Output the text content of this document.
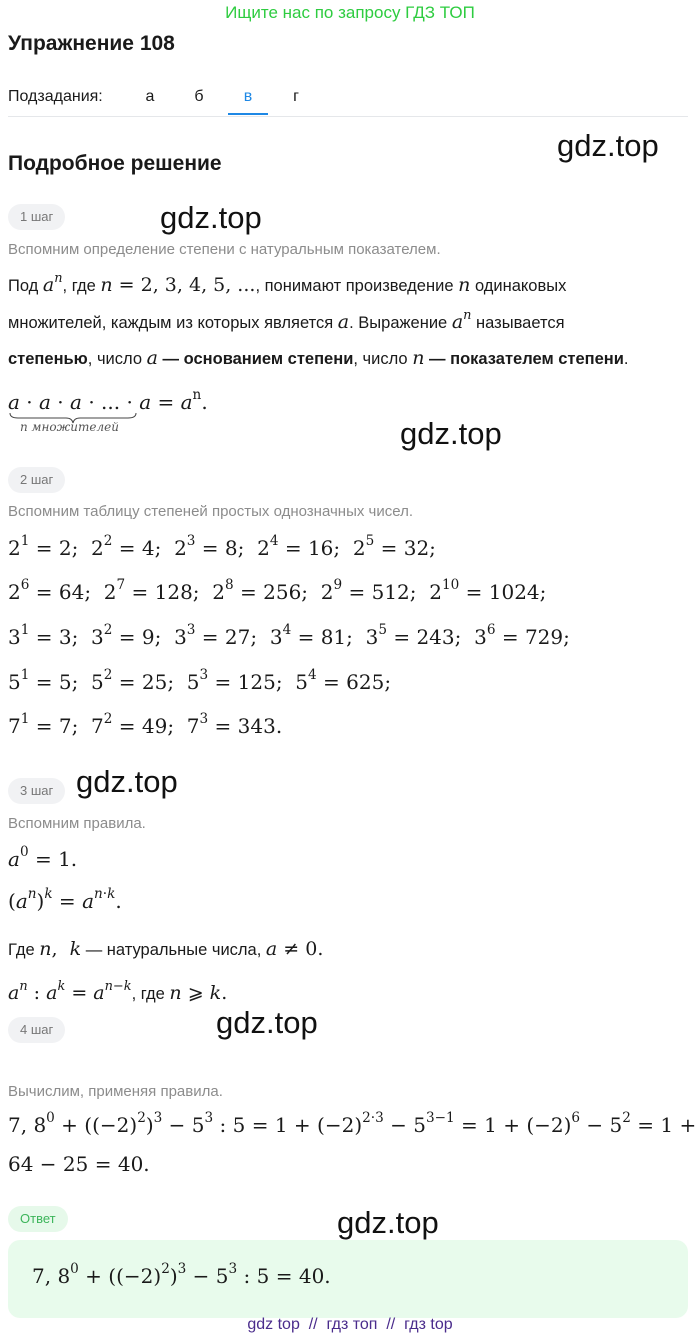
Ищите нас по запросу ГДЗ ТОП
Упражнение 108
Подзадания:	а	б	в	г
Подробное решение
gdz.top
gdz.top
gdz.top
gdz.top
gdz.top
gdz.top
1 шаг
Вспомним определение степени с натуральным показателем.
Под $a^n$, где n = 2, 3, 4, 5, ..., понимают произведение n одинаковых
множителей, каждым из которых является a. Выражение $a^n$ называется
степенью, число a — основанием степени, число n — показателем степени.
a · a · a · ... · $a = a^n$.
n множителей
2 шаг
Вспомним таблицу степеней простых однозначных чисел.
$2^1 = 2$;  $2^2 = 4$;  $2^3 = 8$;  $2^4 = 16$;  $2^5 = 32$;
$2^6 = 64$;  $2^7 = 128$;  $2^8 = 256$;  $2^9 = 512$;  $2^{10} = 1024$;
$3^1 = 3$;  $3^2 = 9$;  $3^3 = 27$;  $3^4 = 81$;  $3^5 = 243$;  $3^6 = 729$;
$5^1 = 5$;  $5^2 = 25$;  $5^3 = 125$;  $5^4 = 625$;
$7^1 = 7$;  $7^2 = 49$;  $7^3 = 343$.
3 шаг
Вспомним правила.
$a^0 = 1$.
$(a^n)^k = a^{n\cdot k}$.
Где n,  k — натуральные числа, a ≠ 0.
$a^n$ : $a^k = a^{n-k}$, где n ⩾ k.
4 шаг
Вычислим, применяя правила.
7, $8^0 + ((-2)^2)^3 - 5^3$ : $5 = 1 + (-2)^{2\cdot 3} - 5^{3-1} = 1 + (-2)^6 - 5^2 = 1$ +
64 − 25 = 40.
Ответ
7, $8^0 + ((-2)^2)^3 - 5^3$ : 5 = 40.
gdz top // гдз топ // гдз top
